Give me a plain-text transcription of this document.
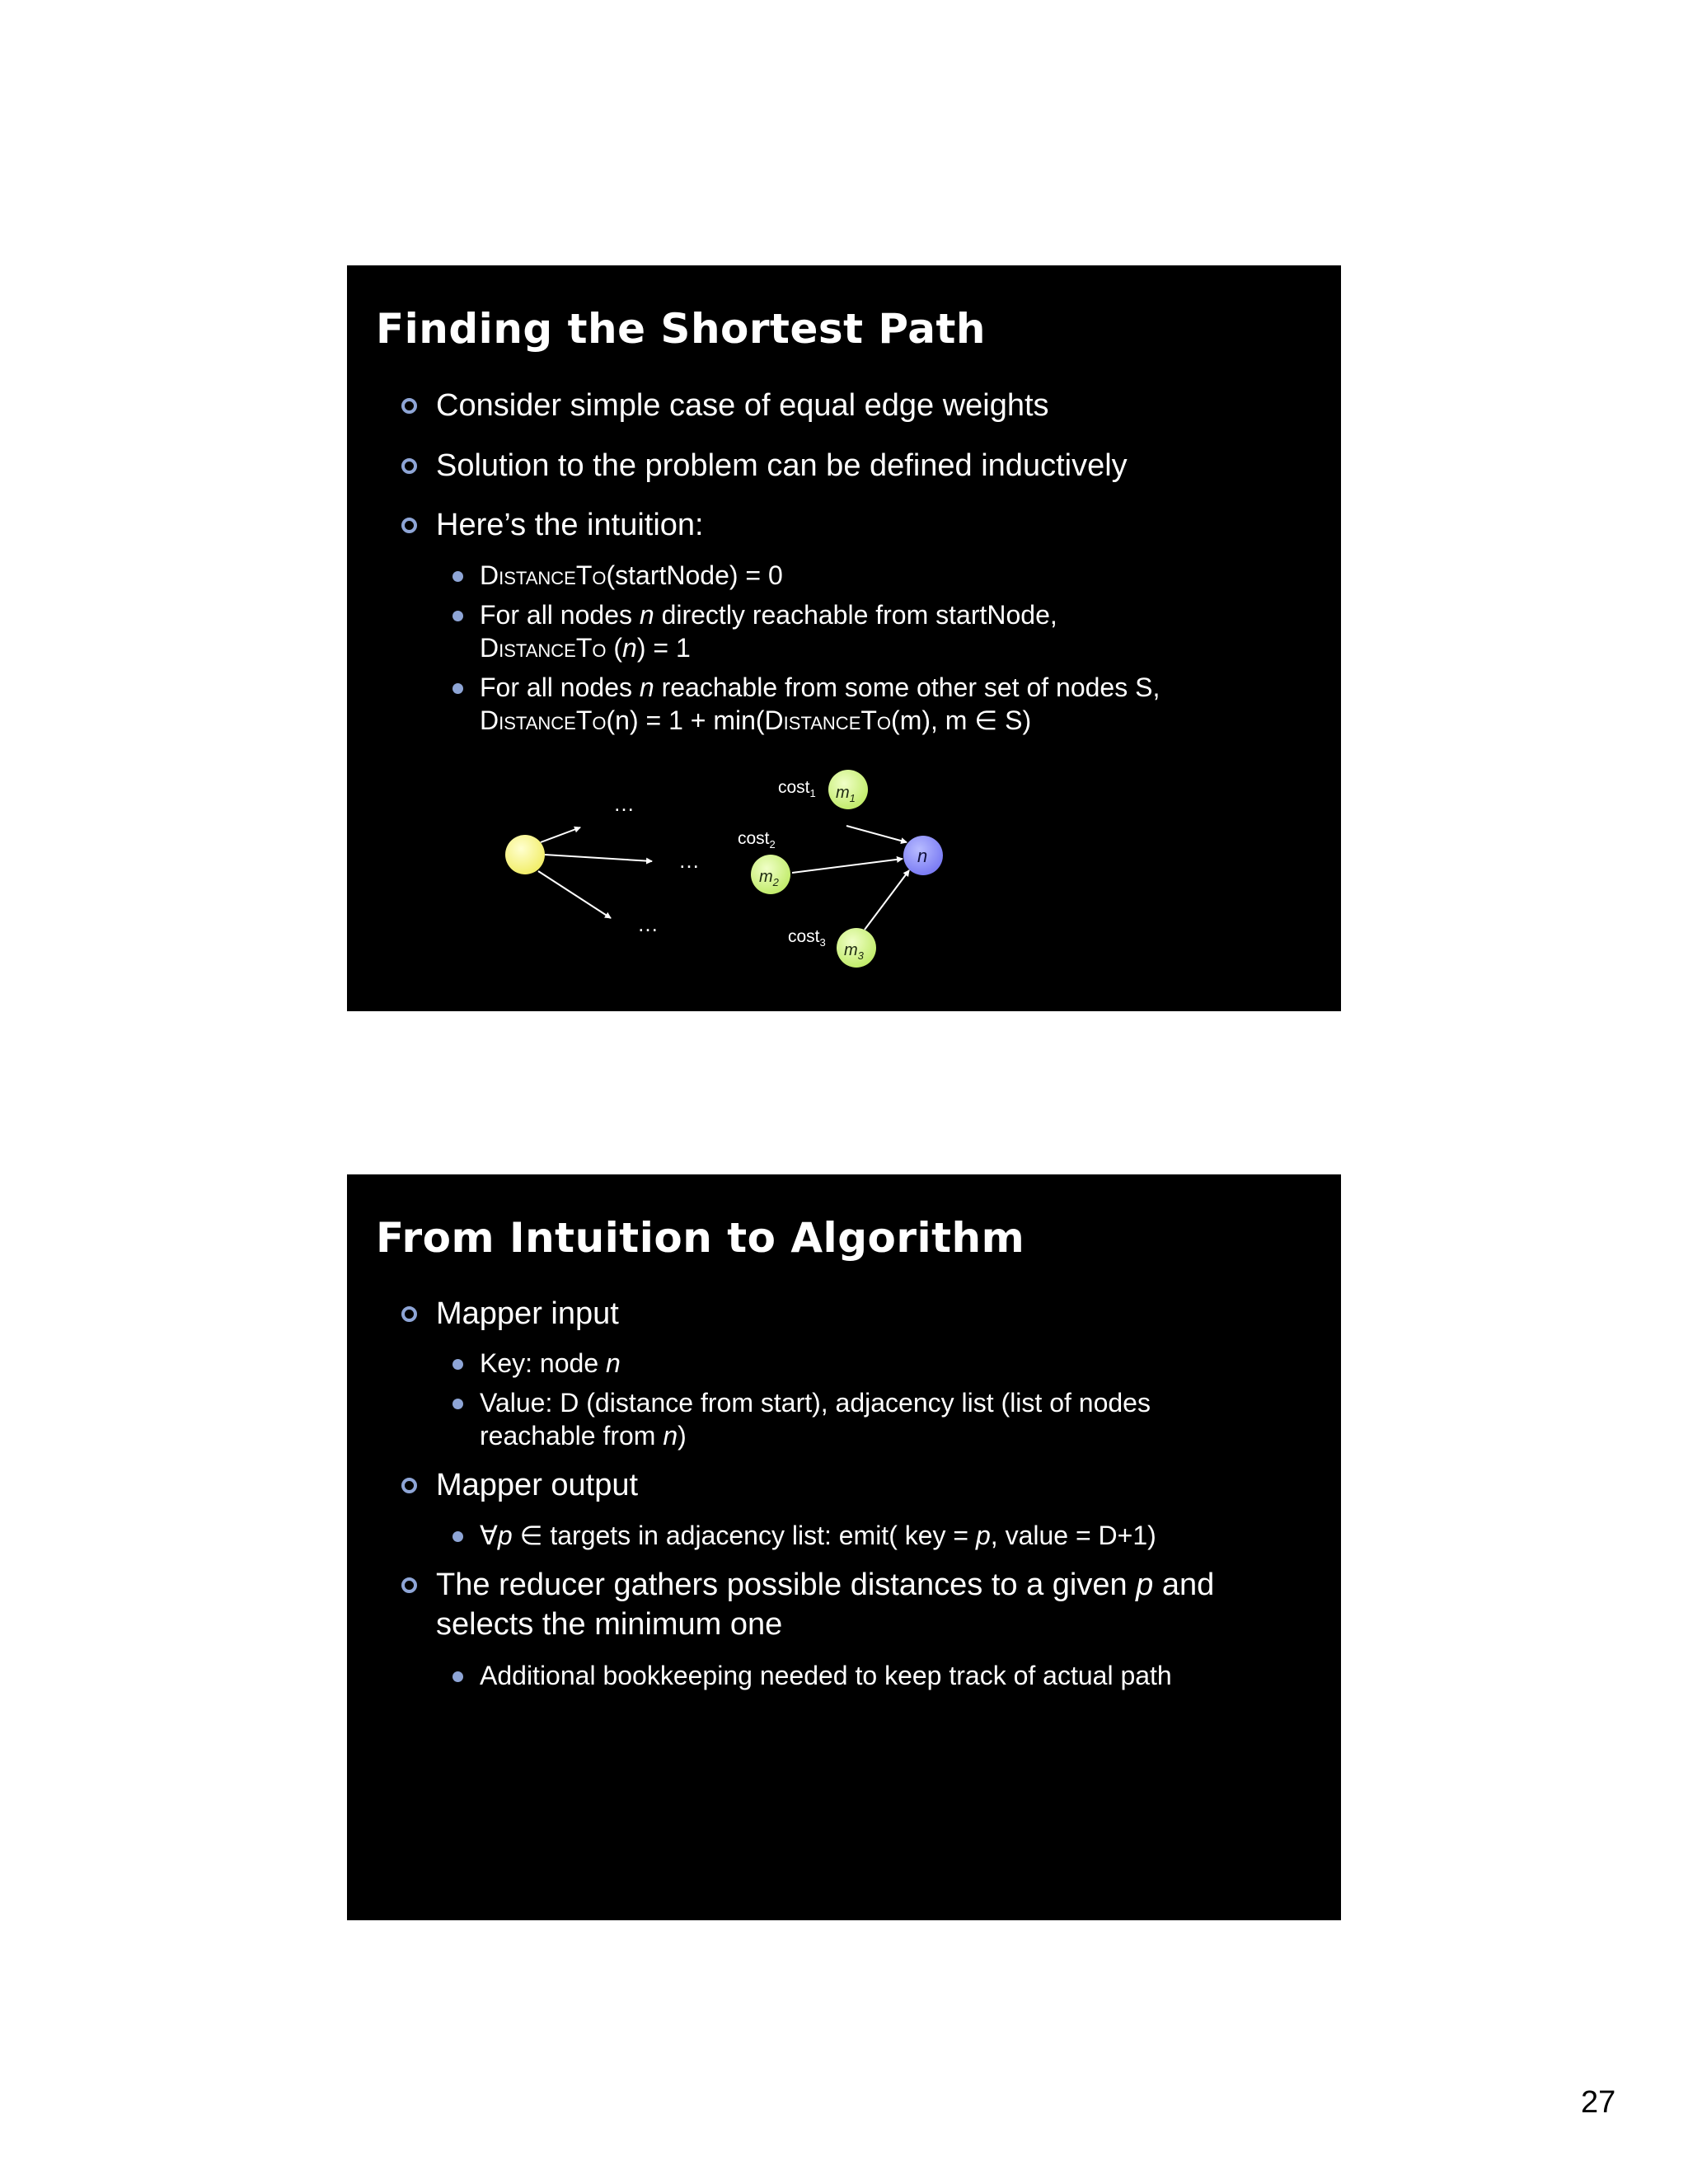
Finding the Shortest Path
Consider simple case of equal edge weights
Solution to the problem can be defined inductively
Here’s the intuition:
DistanceTo(startNode) = 0
For all nodes n directly reachable from startNode,
DistanceTo (n) = 1
For all nodes n reachable from some other set of nodes S,
DistanceTo(n) = 1 + min(DistanceTo(m), m ∈ S)
…
…
…
cost$_1$
cost$_2$
cost$_3$
$m_1$
$m_2$
$m_3$
n
From Intuition to Algorithm
Mapper input
Key: node n
Value: D (distance from start), adjacency list (list of nodes reachable from n)
Mapper output
∀p ∈ targets in adjacency list: emit( key = p, value = D+1)
The reducer gathers possible distances to a given p and selects the minimum one
Additional bookkeeping needed to keep track of actual path
27
